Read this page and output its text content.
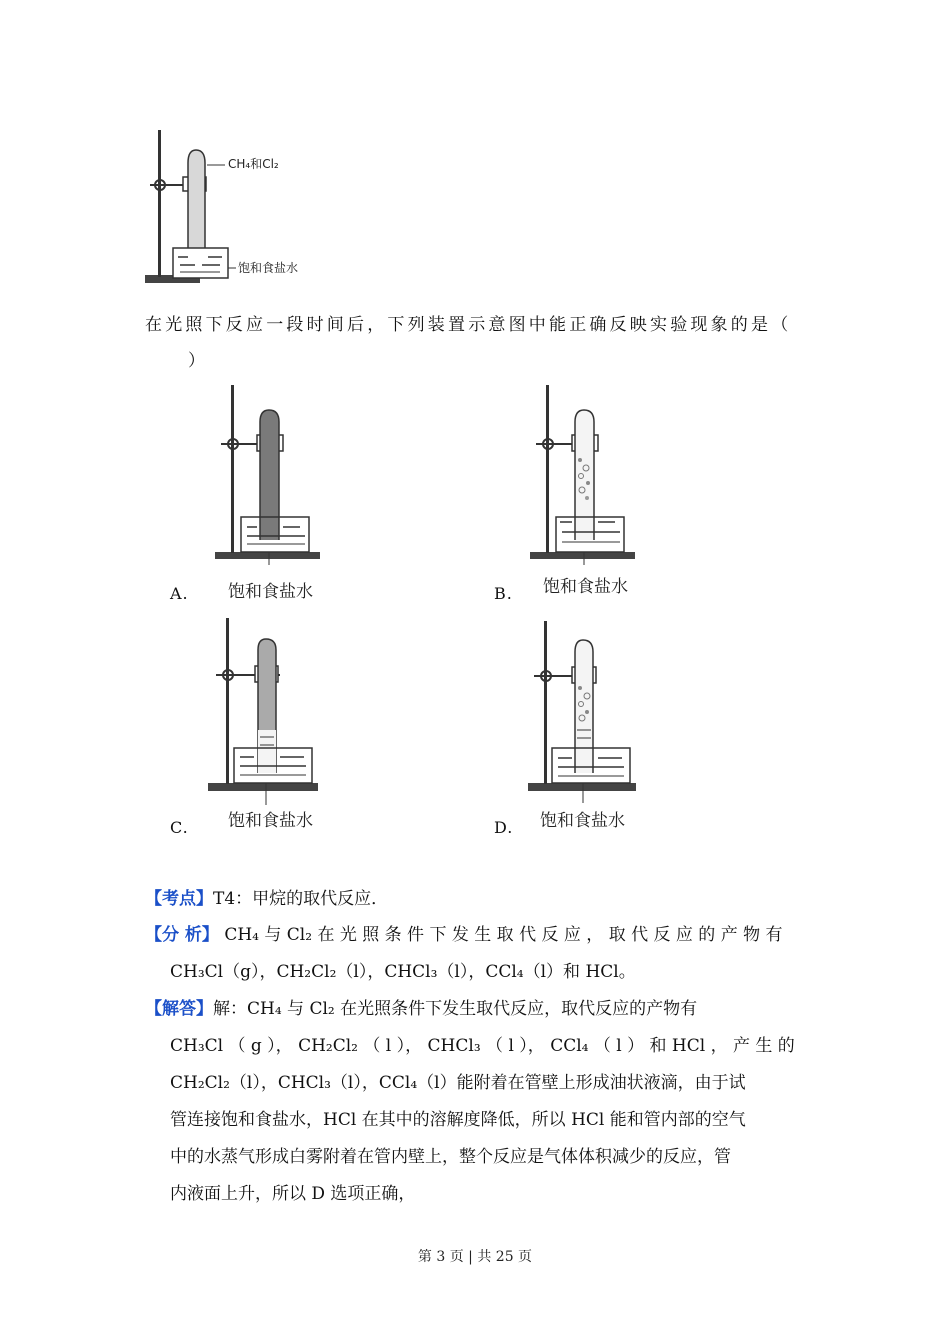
CH₄和Cl₂
饱和食盐水
在光照下反应一段时间后，下列装置示意图中能正确反映实验现象的是（
）
饱和食盐水
A.	饱和食盐水
B.
饱和食盐水
C.	饱和食盐水
D.
【考点】T4：甲烷的取代反应．
【分 析】 CH₄ 与 Cl₂ 在 光 照 条 件 下 发 生 取 代 反 应 ， 取 代 反 应 的 产 物 有
CH₃Cl（g），CH₂Cl₂（l），CHCl₃（l），CCl₄（l）和 HCl。
【解答】解：CH₄ 与 Cl₂ 在光照条件下发生取代反应，取代反应的产物有
CH₃Cl （ g ）， CH₂Cl₂ （ l ）， CHCl₃ （ l ）， CCl₄ （ l ） 和 HCl ， 产 生 的
CH₂Cl₂（l），CHCl₃（l），CCl₄（l）能附着在管壁上形成油状液滴，由于试
管连接饱和食盐水，HCl 在其中的溶解度降低，所以 HCl 能和管内部的空气
中的水蒸气形成白雾附着在管内壁上，整个反应是气体体积减少的反应，管
内液面上升，所以 D 选项正确，
第 3 页 | 共 25 页
